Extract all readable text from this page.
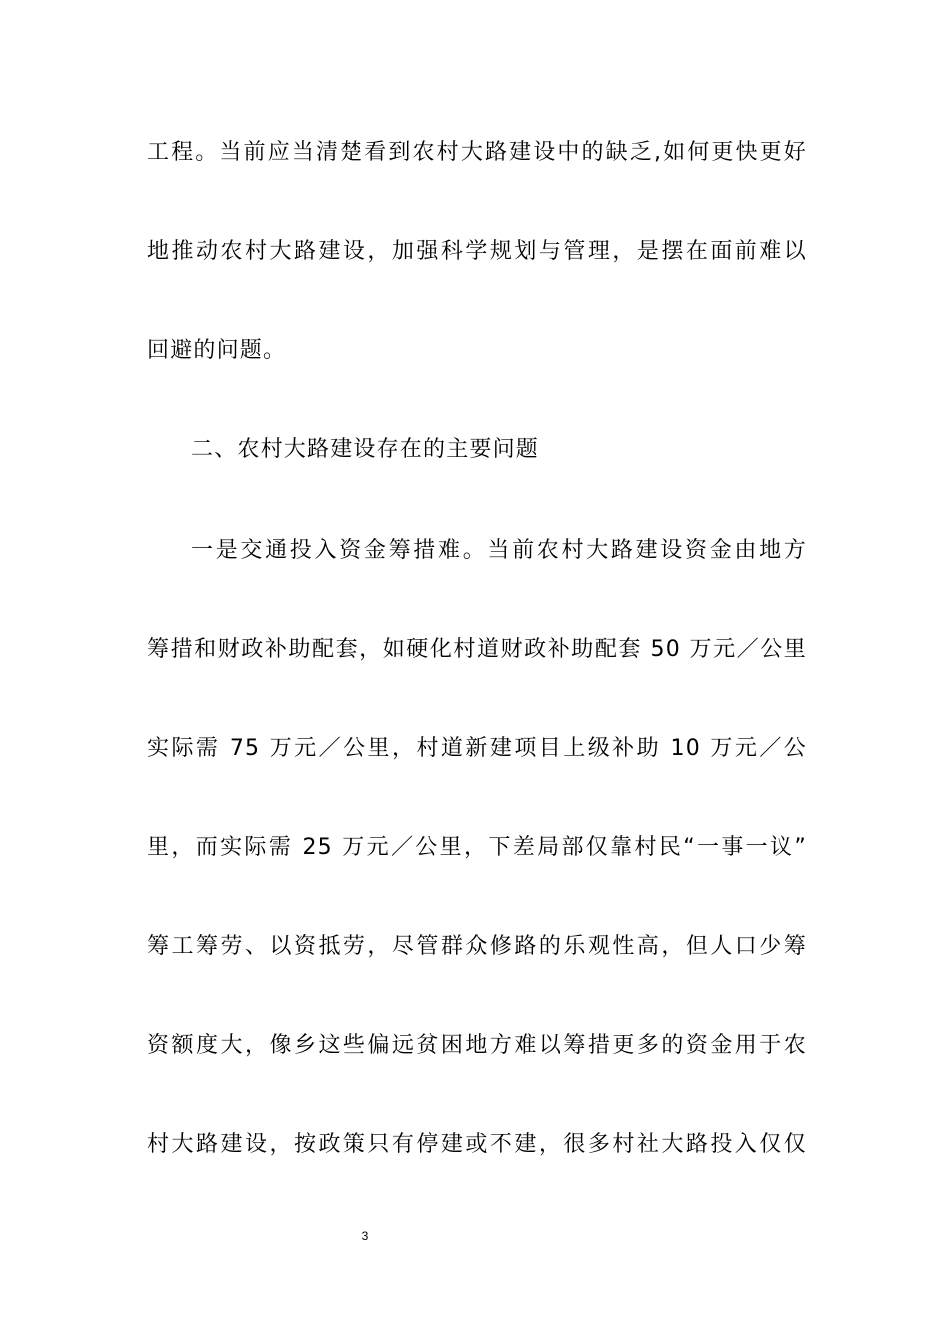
工程。当前应当清楚看到农村大路建设中的缺乏,如何更快更好
地推动农村大路建设，加强科学规划与管理，是摆在面前难以
回避的问题。
二、农村大路建设存在的主要问题
一是交通投入资金筹措难。当前农村大路建设资金由地方
筹措和财政补助配套，如硬化村道财政补助配套 50 万元／公里
实际需 75 万元／公里，村道新建项目上级补助 10 万元／公
里，而实际需 25 万元／公里，下差局部仅靠村民“一事一议”
筹工筹劳、以资抵劳，尽管群众修路的乐观性高，但人口少筹
资额度大，像乡这些偏远贫困地方难以筹措更多的资金用于农
村大路建设，按政策只有停建或不建，很多村社大路投入仅仅
3
